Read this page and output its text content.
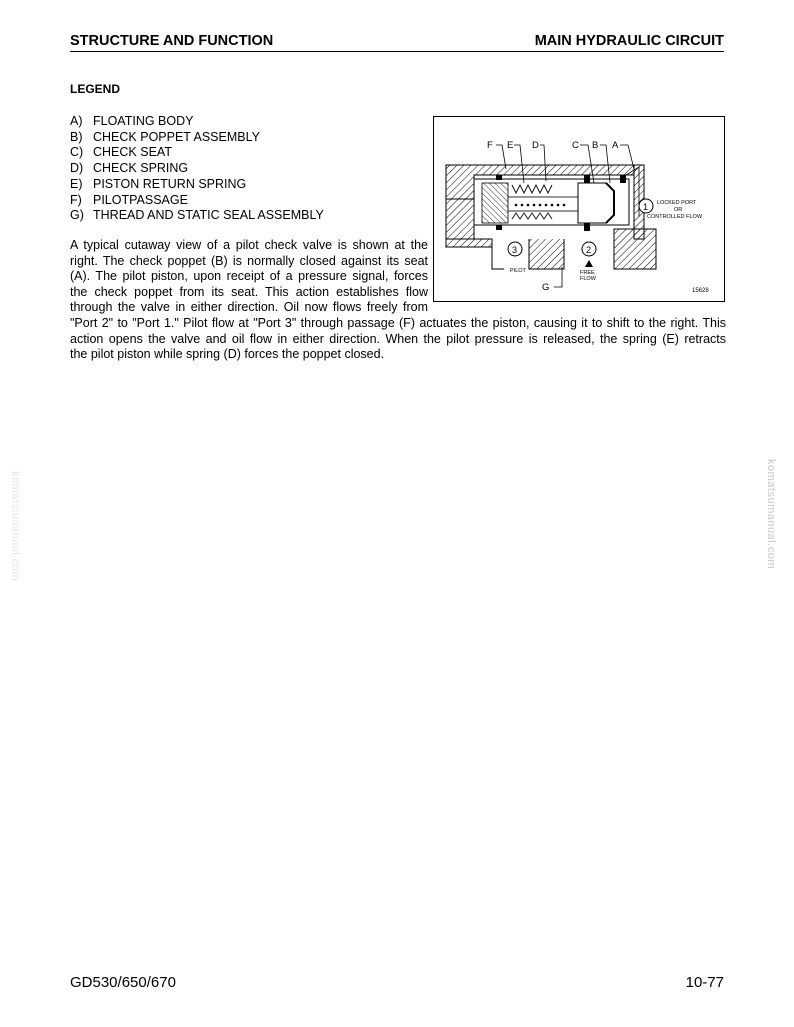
STRUCTURE AND FUNCTION	MAIN HYDRAULIC CIRCUIT
LEGEND
A) FLOATING BODY
B) CHECK POPPET ASSEMBLY
C) CHECK SEAT
D) CHECK SPRING
E) PISTON RETURN SPRING
F) PILOTPASSAGE
G) THREAD AND STATIC SEAL ASSEMBLY
A typical cutaway view of a pilot check valve is shown at the
right. The check poppet (B) is normally closed against its seat
(A). The pilot piston, upon receipt of a pressure signal, forces
the check poppet from its seat. This action establishes flow
through the valve in either direction. Oil now flows freely from
"Port 2" to "Port 1." Pilot flow at "Port 3" through passage (F) actuates the piston, causing it to shift to the right. This
action opens the valve and oil flow in either direction. When the pilot pressure is released, the spring (E) retracts
the pilot piston while spring (D) forces the poppet closed.
F E D	C B A
G
1 LOCKED PORT
OR
CONTROLLED FLOW
2
FREE
FLOW
3
PILOT
15628
komatsumanual.com
komatsumanual.com
GD530/650/670	10-77
